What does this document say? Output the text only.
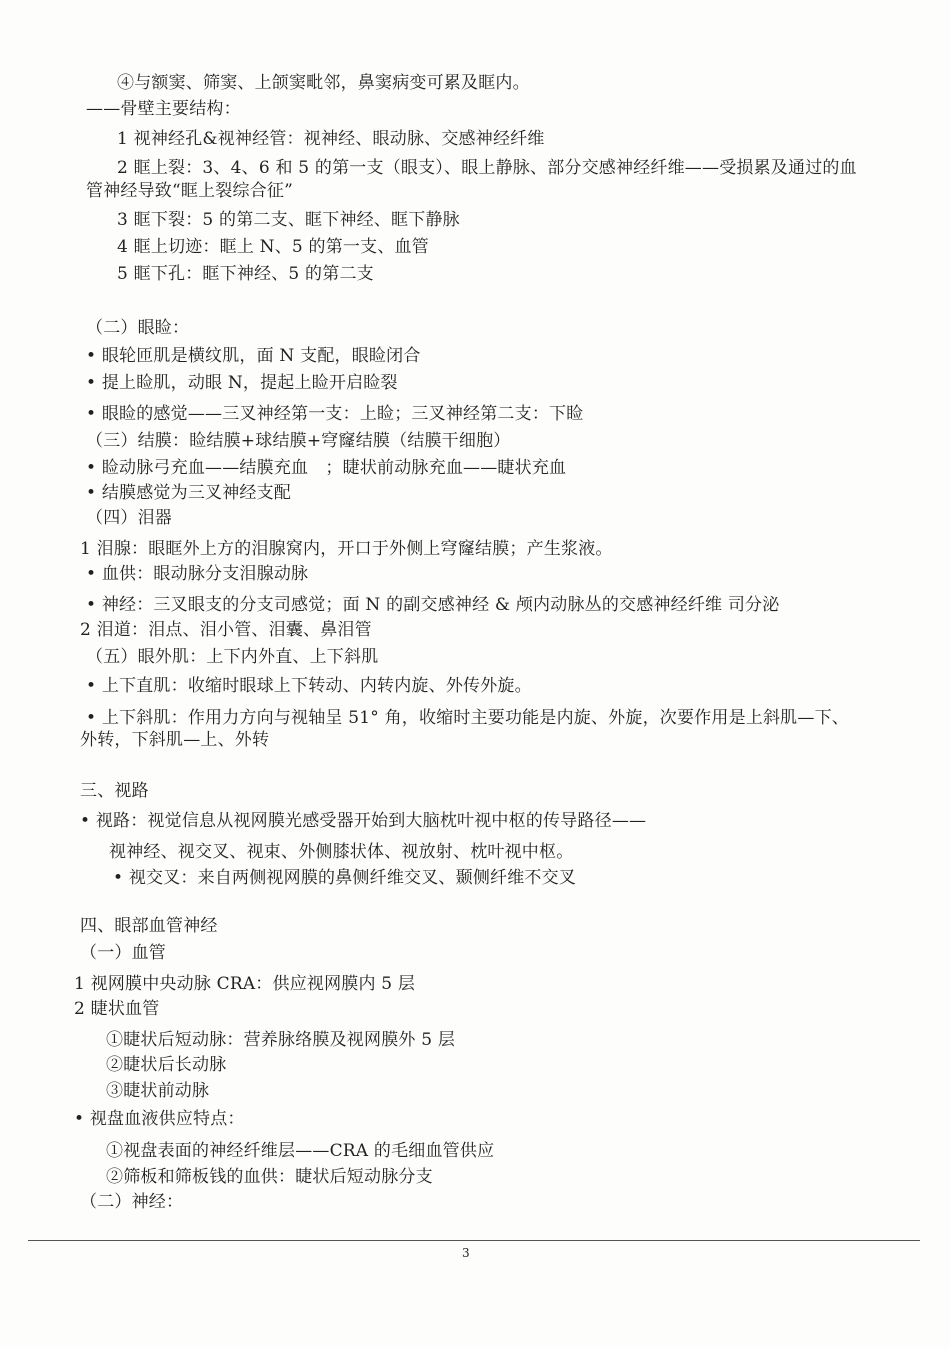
④与额窦、筛窦、上颌窦毗邻，鼻窦病变可累及眶内。
——骨壁主要结构：
1 视神经孔&视神经管：视神经、眼动脉、交感神经纤维
2 眶上裂：3、4、6 和 5 的第一支（眼支）、眼上静脉、部分交感神经纤维——受损累及通过的血
管神经导致“眶上裂综合征”
3 眶下裂：5 的第二支、眶下神经、眶下静脉
4 眶上切迹：眶上 N、5 的第一支、血管
5 眶下孔：眶下神经、5 的第二支
（二）眼睑：
• 眼轮匝肌是横纹肌，面 N 支配，眼睑闭合
• 提上睑肌，动眼 N，提起上睑开启睑裂
• 眼睑的感觉——三叉神经第一支：上睑；三叉神经第二支：下睑
（三）结膜：睑结膜+球结膜+穹窿结膜（结膜干细胞）
• 睑动脉弓充血——结膜充血　；睫状前动脉充血——睫状充血
• 结膜感觉为三叉神经支配
（四）泪器
1 泪腺：眼眶外上方的泪腺窝内，开口于外侧上穹窿结膜；产生浆液。
• 血供：眼动脉分支泪腺动脉
• 神经：三叉眼支的分支司感觉；面 N 的副交感神经 & 颅内动脉丛的交感神经纤维 司分泌
2 泪道：泪点、泪小管、泪囊、鼻泪管
（五）眼外肌：上下内外直、上下斜肌
• 上下直肌：收缩时眼球上下转动、内转内旋、外传外旋。
• 上下斜肌：作用力方向与视轴呈 51° 角，收缩时主要功能是内旋、外旋，次要作用是上斜肌—下、
外转，下斜肌—上、外转
三、视路
• 视路：视觉信息从视网膜光感受器开始到大脑枕叶视中枢的传导路径——
视神经、视交叉、视束、外侧膝状体、视放射、枕叶视中枢。
• 视交叉：来自两侧视网膜的鼻侧纤维交叉、颞侧纤维不交叉
四、眼部血管神经
（一）血管
1 视网膜中央动脉 CRA：供应视网膜内 5 层
2 睫状血管
①睫状后短动脉：营养脉络膜及视网膜外 5 层
②睫状后长动脉
③睫状前动脉
• 视盘血液供应特点：
①视盘表面的神经纤维层——CRA 的毛细血管供应
②筛板和筛板钱的血供：睫状后短动脉分支
（二）神经：
3
